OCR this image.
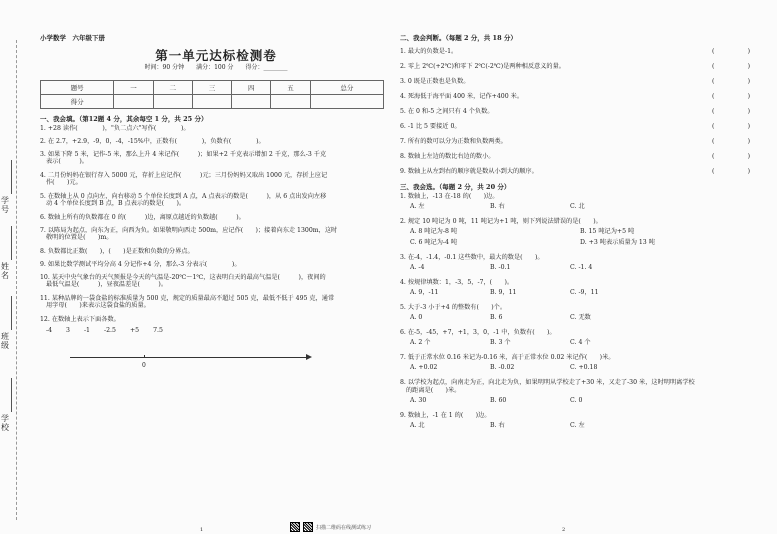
学号
姓名
班级
学校
小学数学　六年级下册
第一单元达标检测卷
时间：90 分钟　　满分：100 分　　得分：________
题号	一	二	三	四	五	总分
得分						
一、我会填。（第12题 4 分，其余每空 1 分，共 25 分）
1. +28 读作(　　　　)，"负二点六"写作(　　　　)。
2. 在 2.7，+2.9，-9，0，-4，-15%中，正数有(　　　　)，负数有(　　　　)。
3. 如果下降 5 米，记作-5 米，那么上升 4 米记作(　　　)；如果+2 千克表示增加 2 千克，那么-3 千克
表示(　　　)。
4. 二月份妈妈在银行存入 5000 元，存折上应记作(　　　)元；三月份妈妈又取出 1000 元，存折上应记
作(　　)元。
5. 在数轴上从 0 点向左，向右移动 5 个单位长度到 A 点，A 点表示的数是(　　　)，从 6 点出发向左移
动 4 个单位长度到 B 点，B 点表示的数是(　　)。
6. 数轴上所有的负数都在 0 的(　　　)边，离原点越近的负数越(　　　)。
7. 以陈局为起点，向东为正，向西为负。如果敬明向西走 500m，应记作(　　)；接着向东走 1300m，这时
敬明的位置是(　　)m。
8. 负数都比正数(　　)，(　　)是正数和负数的分界点。
9. 如果比数学测试平均分高 4 分记作+4 分，那么-3 分表示(　　　　)。
10. 某天中央气象台的天气预报是今天的气温是-20℃～1℃，这表明白天的最高气温是(　　　)，夜间的
最低气温是(　　　)，昼夜温差是(　　　)。
11. 某种品牌的一袋食盐的标准质量为 500 克，规定的质量最高不超过 505 克，最低不低于 495 克，通常
用字母(　　)来表示这袋食盐的质量。
12. 在数轴上表示下面各数。
-4 3 -1 -2.5 +5 7.5
0
二、我会判断。（每题 2 分，共 18 分）
1. 最大的负数是-1。	(	)
2. 零上 2℃(+2℃)和零下 2℃(-2℃)是两种相反意义的量。	(	)
3. 0 既是正数也是负数。	(	)
4. 死海低于海平面 400 米，记作+400 米。	(	)
5. 在 0 和-5 之间只有 4 个负数。	(	)
6. -1 比 5 要接近 0。	(	)
7. 所有的数可以分为正数和负数两类。	(	)
8. 数轴上左边的数比右边的数小。	(	)
9. 数轴上从左到右的顺序就是数从小到大的顺序。	(	)
三、我会选。（每题 2 分，共 20 分）
1. 数轴上，-13 在-18 的(　　)边。
A. 左	B. 右	C. 北
2. 规定 10 吨记为 0 吨，11 吨记为+1 吨，则下列说法错误的是(　　)。
A. 8 吨记为-8 吨	B. 15 吨记为+5 吨
C. 6 吨记为-4 吨	D. +3 吨表示质量为 13 吨
3. 在-4，-1.4，-0.1 这些数中，最大的数是(　　)。
A. -4	B. -0.1	C. -1. 4
4. 按规律填数：1，-3，5，-7，(　　)。
A. 9，-11	B. 9，11	C. -9，11
5. 大于-3 小于+4 的整数有(　　)个。
A. 0	B. 6	C. 无数
6. 在-5，-45，+7，+1，3，0，-1 中，负数有(　　)。
A. 2 个	B. 3 个	C. 4 个
7. 低于正常水位 0.16 米记为-0.16 米，高于正常水位 0.02 米记作(　　)米。
A. +0.02	B. -0.02	C. +0.18
8. 以学校为起点，向南走为正，向北走为负，如果明明从学校走了+30 米，又走了-30 米，这时明明离学校
的距离是(　　)米。
A. 30	B. 60	C. 0
9. 数轴上，-1 在 1 的(　　)边。
A. 北	B. 右	C. 左
扫描二维码在线测试练习
1	2
